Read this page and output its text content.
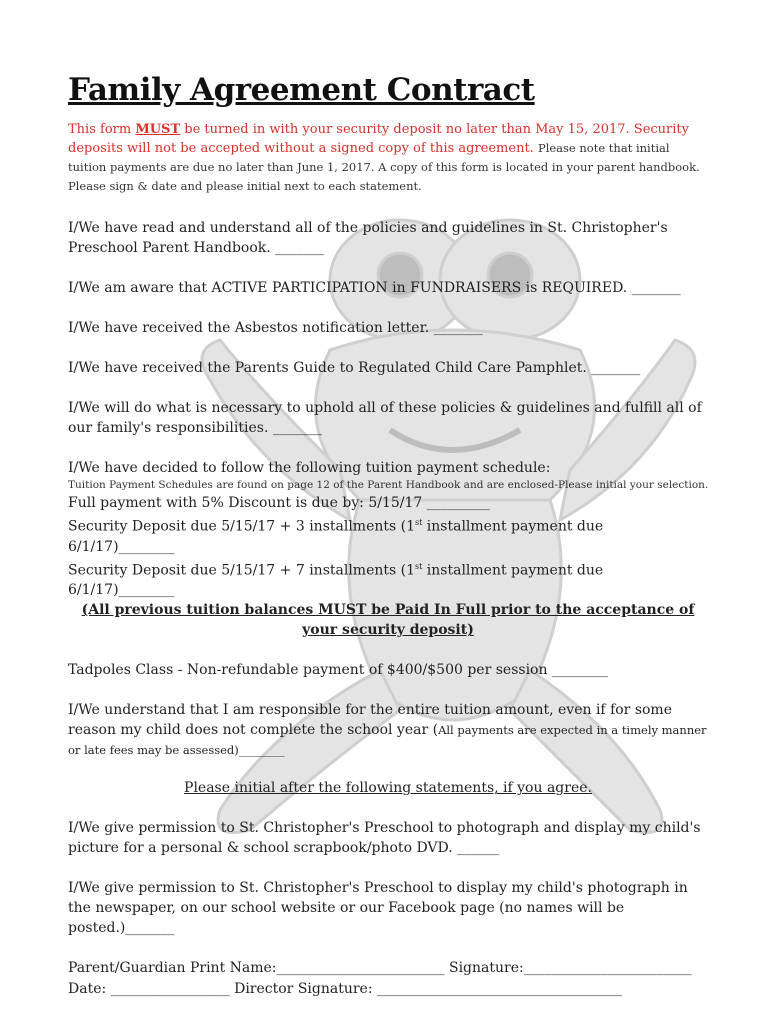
Family Agreement Contract

This form MUST be turned in with your security deposit no later than May 15, 2017. Security deposits will not be accepted without a signed copy of this agreement. Please note that initial tuition payments are due no later than June 1, 2017. A copy of this form is located in your parent handbook. Please sign & date and please initial next to each statement.

I/We have read and understand all of the policies and guidelines in St. Christopher's Preschool Parent Handbook. _______

I/We am aware that ACTIVE PARTICIPATION in FUNDRAISERS is REQUIRED. _______

I/We have received the Asbestos notification letter. _______

I/We have received the Parents Guide to Regulated Child Care Pamphlet. _______

I/We will do what is necessary to uphold all of these policies & guidelines and fulfill all of our family's responsibilities. _______

I/We have decided to follow the following tuition payment schedule:

Tuition Payment Schedules are found on page 12 of the Parent Handbook and are enclosed-Please initial your selection.

Full payment with 5% Discount is due by: 5/15/17 _________

Security Deposit due 5/15/17 + 3 installments (1st installment payment due 6/1/17)________

Security Deposit due 5/15/17 + 7 installments (1st installment payment due 6/1/17)________

(All previous tuition balances MUST be Paid In Full prior to the acceptance of your security deposit)

Tadpoles Class - Non-refundable payment of $400/$500 per session ________

I/We understand that I am responsible for the entire tuition amount, even if for some reason my child does not complete the school year (All payments are expected in a timely manner or late fees may be assessed)________

Please initial after the following statements, if you agree.

I/We give permission to St. Christopher's Preschool to photograph and display my child's picture for a personal & school scrapbook/photo DVD. ______

I/We give permission to St. Christopher's Preschool to display my child's photograph in the newspaper, on our school website or our Facebook page (no names will be posted.)_______

Parent/Guardian Print Name:________________________ Signature:________________________

Date: _________________ Director Signature: ___________________________________
